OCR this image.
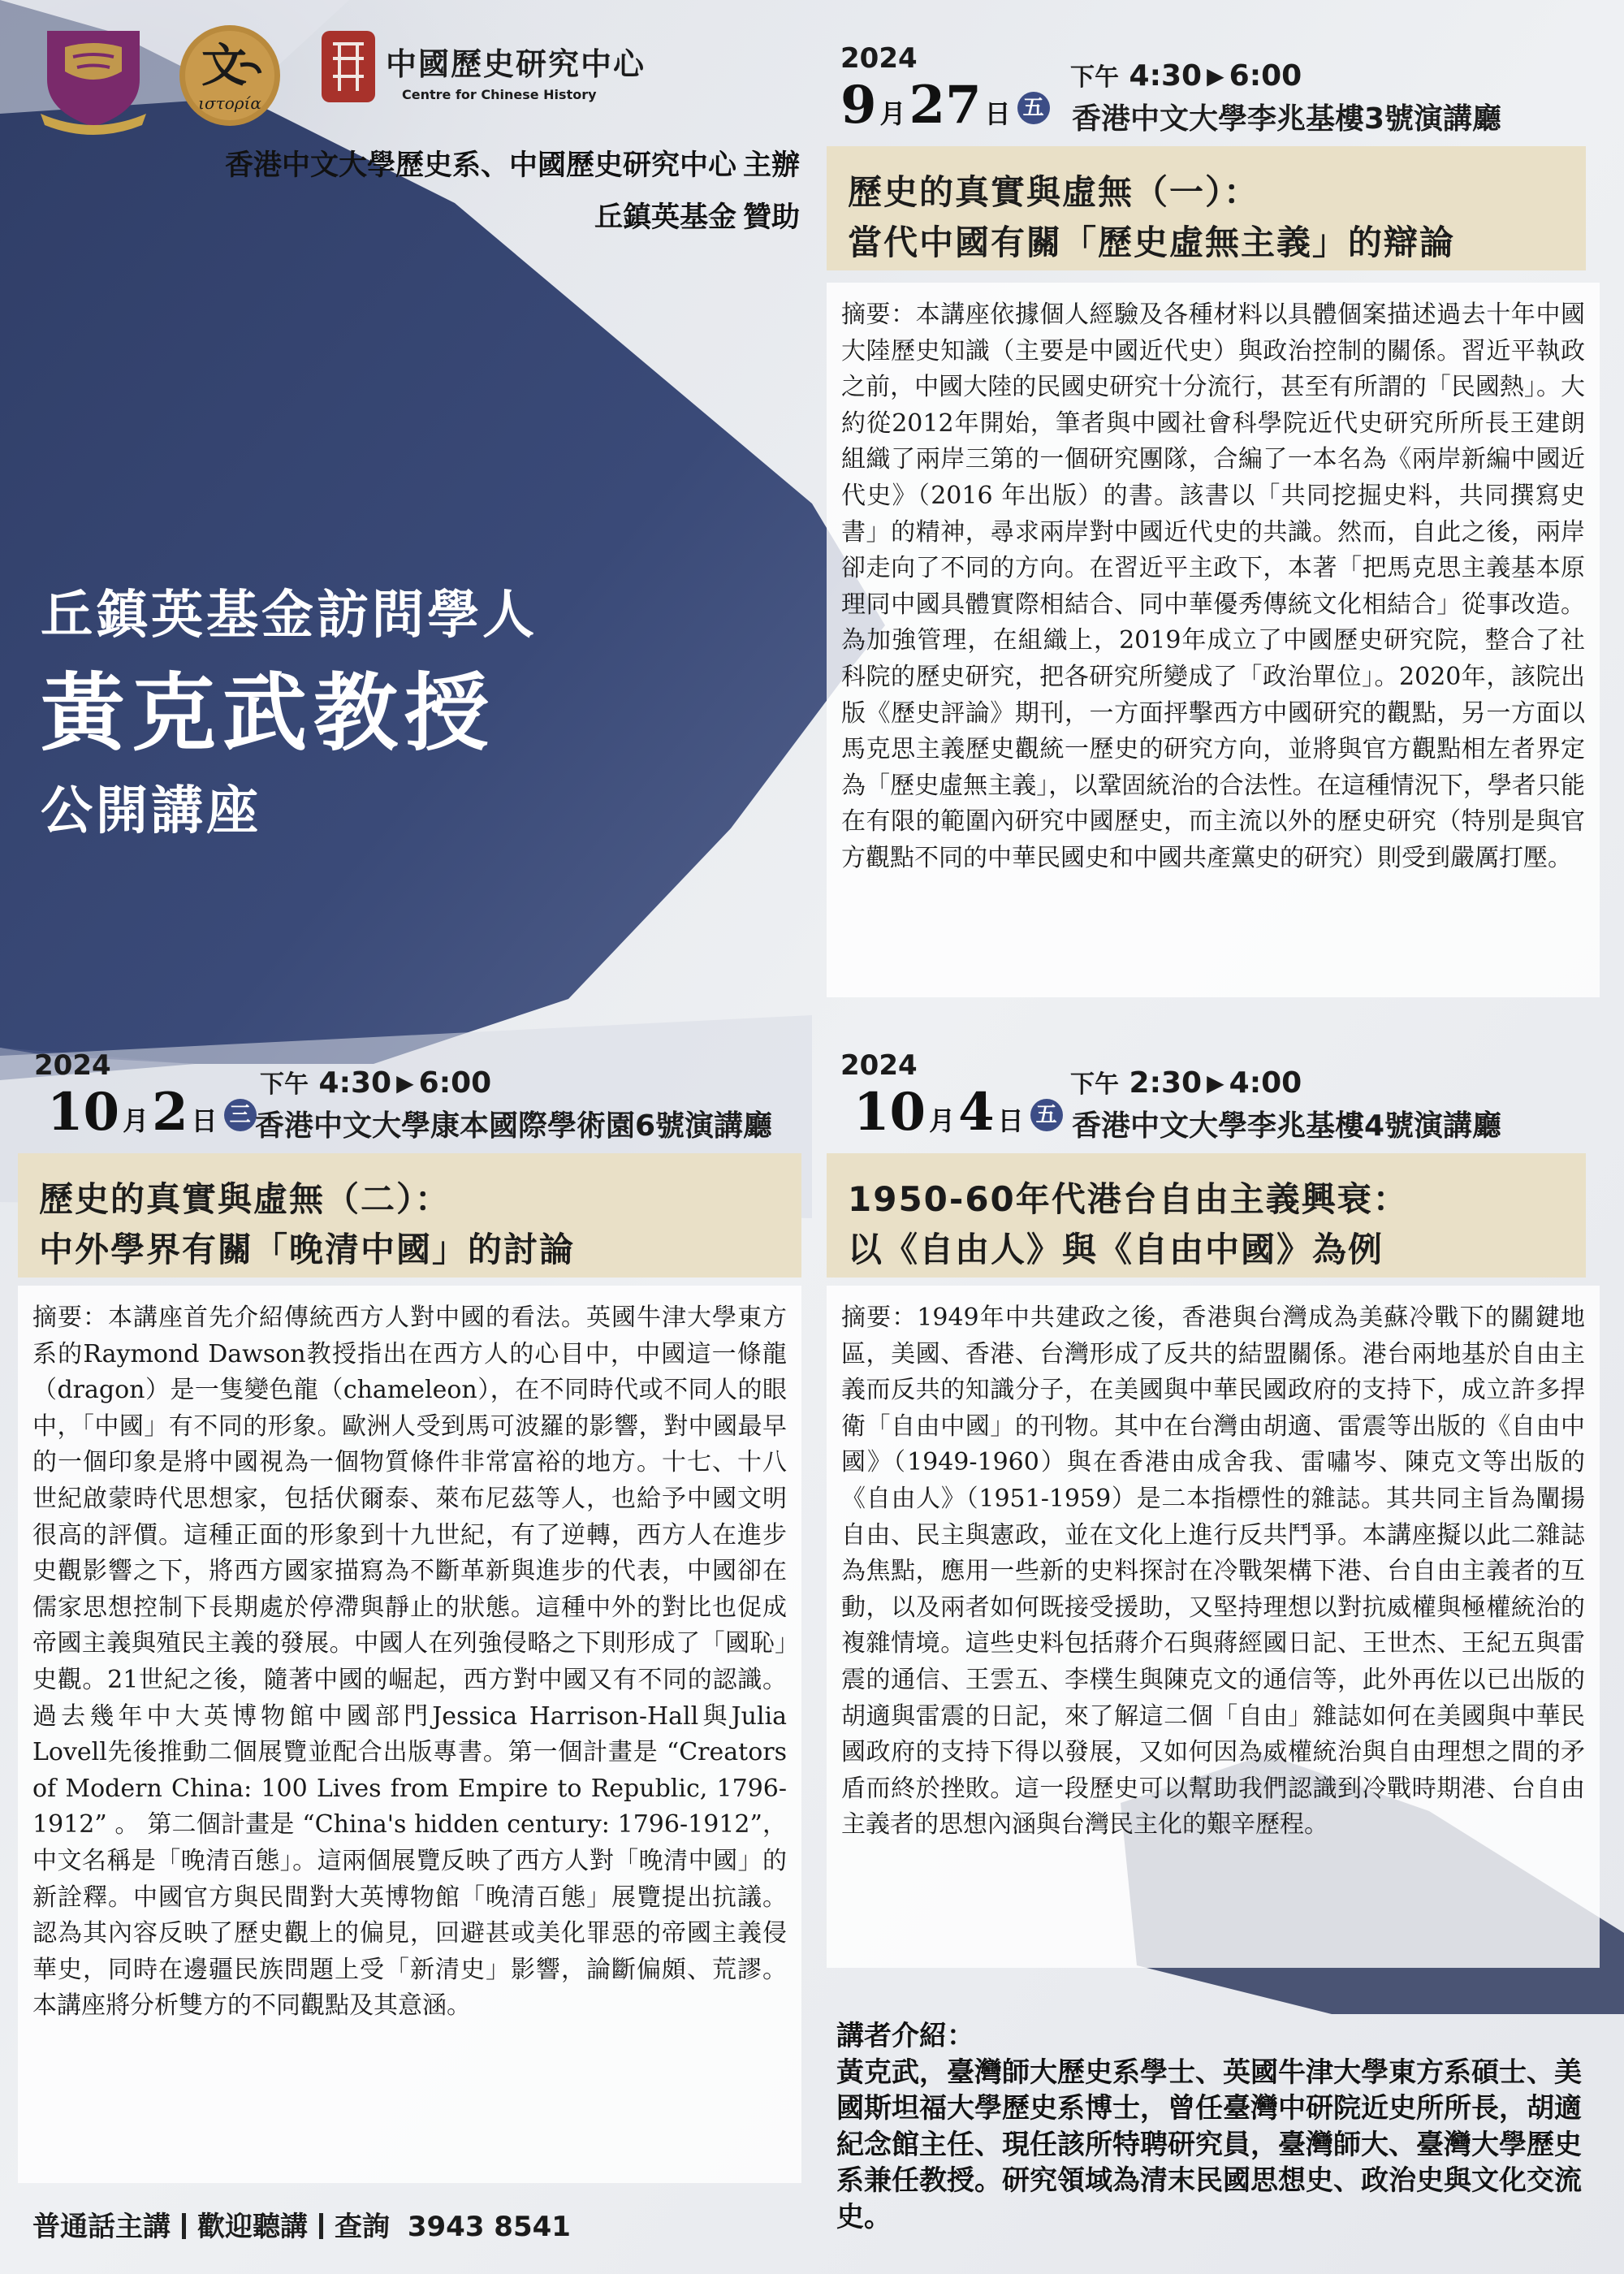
文
ιστορία
中國歷史研究中心
Centre for Chinese History
香港中文大學歷史系、中國歷史研究中心 主辦
丘鎮英基金 贊助
丘鎮英基金訪問學人
黃克武教授
公開講座
2024
9 月27 日 五
下午 4:30 ▶ 6:00
香港中文大學李兆基樓3號演講廳
歷史的真實與虛無（一）：
當代中國有關「歷史虛無主義」的辯論
摘要：本講座依據個人經驗及各種材料以具體個案描述過去十年中國大陸歷史知識（主要是中國近代史）與政治控制的關係。習近平執政之前，中國大陸的民國史研究十分流行，甚至有所謂的「民國熱」。大約從2012年開始，筆者與中國社會科學院近代史研究所所長王建朗組織了兩岸三第的一個研究團隊，合編了一本名為《兩岸新編中國近代史》（2016 年出版）的書。該書以「共同挖掘史料，共同撰寫史書」的精神，尋求兩岸對中國近代史的共識。然而，自此之後，兩岸卻走向了不同的方向。在習近平主政下，本著「把馬克思主義基本原理同中國具體實際相結合、同中華優秀傳統文化相結合」從事改造。為加強管理，在組織上，2019年成立了中國歷史研究院，整合了社科院的歷史研究，把各研究所變成了「政治單位」。2020年，該院出版《歷史評論》期刊，一方面抨擊西方中國研究的觀點，另一方面以馬克思主義歷史觀統一歷史的研究方向，並將與官方觀點相左者界定為「歷史虛無主義」，以鞏固統治的合法性。在這種情況下，學者只能在有限的範圍內研究中國歷史，而主流以外的歷史研究（特別是與官方觀點不同的中華民國史和中國共產黨史的研究）則受到嚴厲打壓。
2024
10 月2 日 三
下午 4:30 ▶ 6:00
香港中文大學康本國際學術園6號演講廳
歷史的真實與虛無（二）：
中外學界有關「晚清中國」的討論
摘要：本講座首先介紹傳統西方人對中國的看法。英國牛津大學東方系的Raymond Dawson教授指出在西方人的心目中，中國這一條龍（dragon）是一隻變色龍（chameleon），在不同時代或不同人的眼中，「中國」有不同的形象。歐洲人受到馬可波羅的影響，對中國最早的一個印象是將中國視為一個物質條件非常富裕的地方。十七、十八世紀啟蒙時代思想家，包括伏爾泰、萊布尼茲等人，也給予中國文明很高的評價。這種正面的形象到十九世紀，有了逆轉，西方人在進步史觀影響之下，將西方國家描寫為不斷革新與進步的代表，中國卻在儒家思想控制下長期處於停滯與靜止的狀態。這種中外的對比也促成帝國主義與殖民主義的發展。中國人在列強侵略之下則形成了「國恥」史觀。21世紀之後，隨著中國的崛起，西方對中國又有不同的認識。過去幾年中大英博物館中國部門Jessica Harrison-Hall與Julia Lovell先後推動二個展覽並配合出版專書。第一個計畫是 “Creators of Modern China: 100 Lives from Empire to Republic, 1796-1912” 。 第二個計畫是 “China's hidden century: 1796-1912”，中文名稱是「晚清百態」。這兩個展覽反映了西方人對「晚清中國」的新詮釋。中國官方與民間對大英博物館「晚清百態」展覽提出抗議。認為其內容反映了歷史觀上的偏見，回避甚或美化罪惡的帝國主義侵華史，同時在邊疆民族問題上受「新清史」影響，論斷偏頗、荒謬。本講座將分析雙方的不同觀點及其意涵。
2024
10 月4 日 五
下午 2:30 ▶ 4:00
香港中文大學李兆基樓4號演講廳
1950-60年代港台自由主義興衰：
以《自由人》與《自由中國》為例
摘要：1949年中共建政之後，香港與台灣成為美蘇冷戰下的關鍵地區，美國、香港、台灣形成了反共的結盟關係。港台兩地基於自由主義而反共的知識分子，在美國與中華民國政府的支持下，成立許多捍衛「自由中國」的刊物。其中在台灣由胡適、雷震等出版的《自由中國》（1949-1960）與在香港由成舍我、雷嘯岑、陳克文等出版的《自由人》（1951-1959）是二本指標性的雜誌。其共同主旨為闡揚自由、民主與憲政，並在文化上進行反共鬥爭。本講座擬以此二雜誌為焦點，應用一些新的史料探討在冷戰架構下港、台自由主義者的互動，以及兩者如何既接受援助，又堅持理想以對抗威權與極權統治的複雜情境。這些史料包括蔣介石與蔣經國日記、王世杰、王紀五與雷震的通信、王雲五、李樸生與陳克文的通信等，此外再佐以已出版的胡適與雷震的日記，來了解這二個「自由」雜誌如何在美國與中華民國政府的支持下得以發展，又如何因為威權統治與自由理想之間的矛盾而終於挫敗。這一段歷史可以幫助我們認識到冷戰時期港、台自由主義者的思想內涵與台灣民主化的艱辛歷程。
講者介紹：
黃克武，臺灣師大歷史系學士、英國牛津大學東方系碩士、美國斯坦福大學歷史系博士，曾任臺灣中研院近史所所長，胡適紀念館主任、現任該所特聘研究員，臺灣師大、臺灣大學歷史系兼任教授。研究領域為清末民國思想史、政治史與文化交流史。
普通話主講 歡迎聽講 查詢 3943 8541
